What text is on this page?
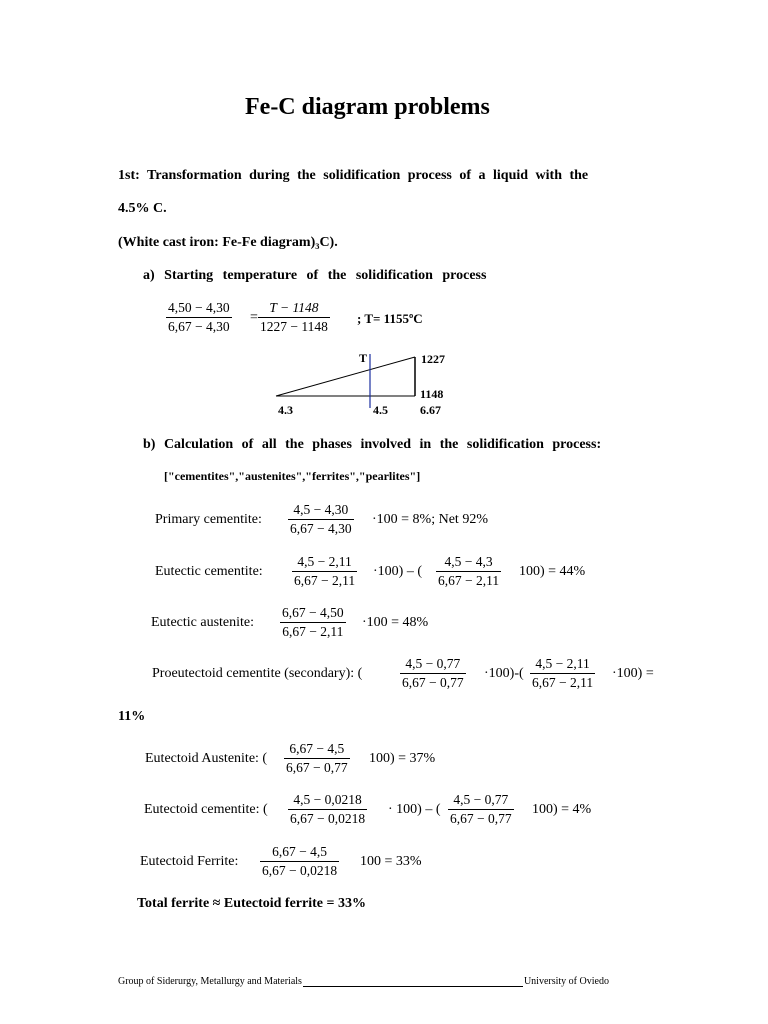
Fe-C diagram problems
1st: Transformation during the solidification process of a liquid with the
4.5% C.
(White cast iron: Fe-Fe diagram)₃C).
a) Starting temperature of the solidification process
$\frac{4,50 - 4,30}{6,67 - 4,30} = \frac{T - 1148}{1227 - 1148}$ ; T= 1155ºC
T	1227
1148
4.3	4.5	6.67
b) Calculation of all the phases involved in the solidification process:
["cementites","austenites","ferrites","pearlites"]
Primary cementite: $\frac{4,5 - 4,30}{6,67 - 4,30} \cdot 100 = 8\%$; Net 92%
Eutectic cementite: $\frac{4,5 - 2,11}{6,67 - 2,11} \cdot 100$) – ( $\frac{4,5 - 4,3}{6,67 - 2,11} 100) = 44\%$
Eutectic austenite: $\frac{6,67 - 4,50}{6,67 - 2,11} \cdot 100 = 48\%$
Proeutectoid cementite (secondary): (	$\frac{4,5 - 0,77}{6,67 - 0,77} \cdot 100)-( \frac{4,5 - 2,11}{6,67 - 2,11} \cdot 100)$ =
11%
Eutectoid Austenite: ( $\frac{6,67 - 4,5}{6,67 - 0,77} 100) = 37\%$
Eutectoid cementite: ( $\frac{4,5 - 0,0218}{6,67 - 0,0218} \cdot 100$) – ( $\frac{4,5 - 0,77}{6,67 - 0,77} 100) = 4\%$
Eutectoid Ferrite: $\frac{6,67 - 4,5}{6,67 - 0,0218} 100 = 33\%$
Total ferrite ≈ Eutectoid ferrite = 33%
Group of Siderurgy, Metallurgy and Materials	University of Oviedo
